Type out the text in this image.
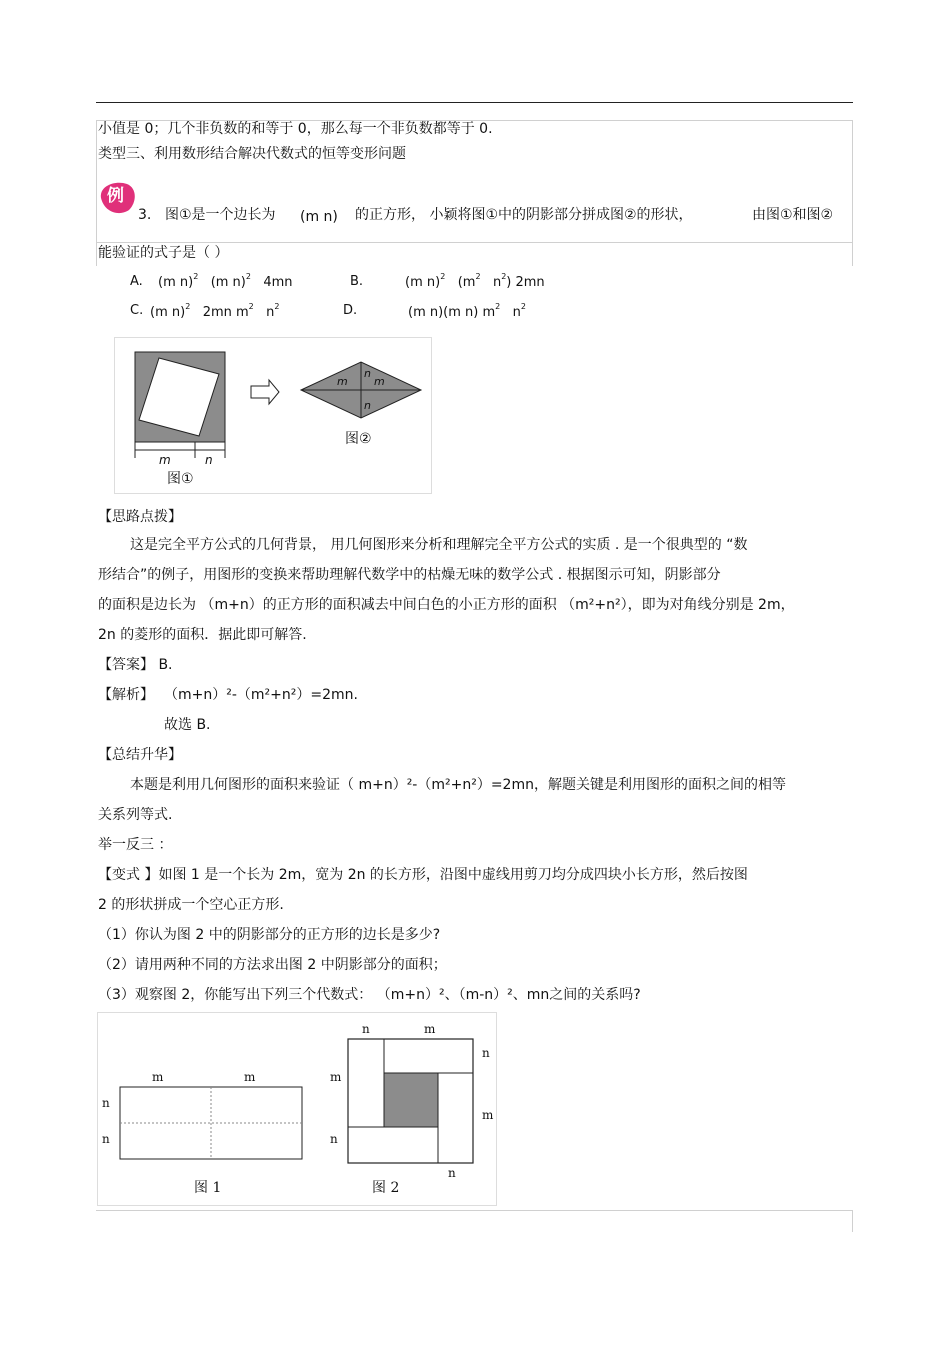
小值是 0；几个非负数的和等于 0，那么每一个非负数都等于 0.
类型三、利用数形结合解决代数式的恒等变形问题
例
3. 图①是一个边长为 (m n) 的正方形， 小颖将图①中的阴影部分拼成图②的形状，	由图①和图②
能验证的式子是（ ）
A. (m n)$^2$ (m n)$^2$ 4mn	B.	(m n)$^2$ ($m^2$ $n^2$) 2mn
C. (m n)$^2$ 2mn $m^2$ $n^2$	D.	(m n)(m n) $m^2$ $n^2$
m	n
图①
图②
m m
n
n
【思路点拨】
这是完全平方公式的几何背景， 用几何图形来分析和理解完全平方公式的实质 . 是一个很典型的 “数
形结合”的例子，用图形的变换来帮助理解代数学中的枯燥无味的数学公式 . 根据图示可知，阴影部分
的面积是边长为 （m+n）的正方形的面积减去中间白色的小正方形的面积 （m²+n²），即为对角线分别是 2m，
2n 的菱形的面积．据此即可解答.
【答案】 B.
【解析】 （m+n）²-（m²+n²）=2mn.
故选 B.
【总结升华】
本题是利用几何图形的面积来验证（ m+n）²-（m²+n²）=2mn，解题关键是利用图形的面积之间的相等
关系列等式.
举一反三 ：
【变式 】如图 1 是一个长为 2m，宽为 2n 的长方形，沿图中虚线用剪刀均分成四块小长方形，然后按图
2 的形状拼成一个空心正方形.
（1）你认为图 2 中的阴影部分的正方形的边长是多少?
（2）请用两种不同的方法求出图 2 中阴影部分的面积；
（3）观察图 2，你能写出下列三个代数式： （m+n）²、（m-n）²、mn之间的关系吗?
m	m
n
n
图 1
n	m
m
n
n
m
n
图 2
